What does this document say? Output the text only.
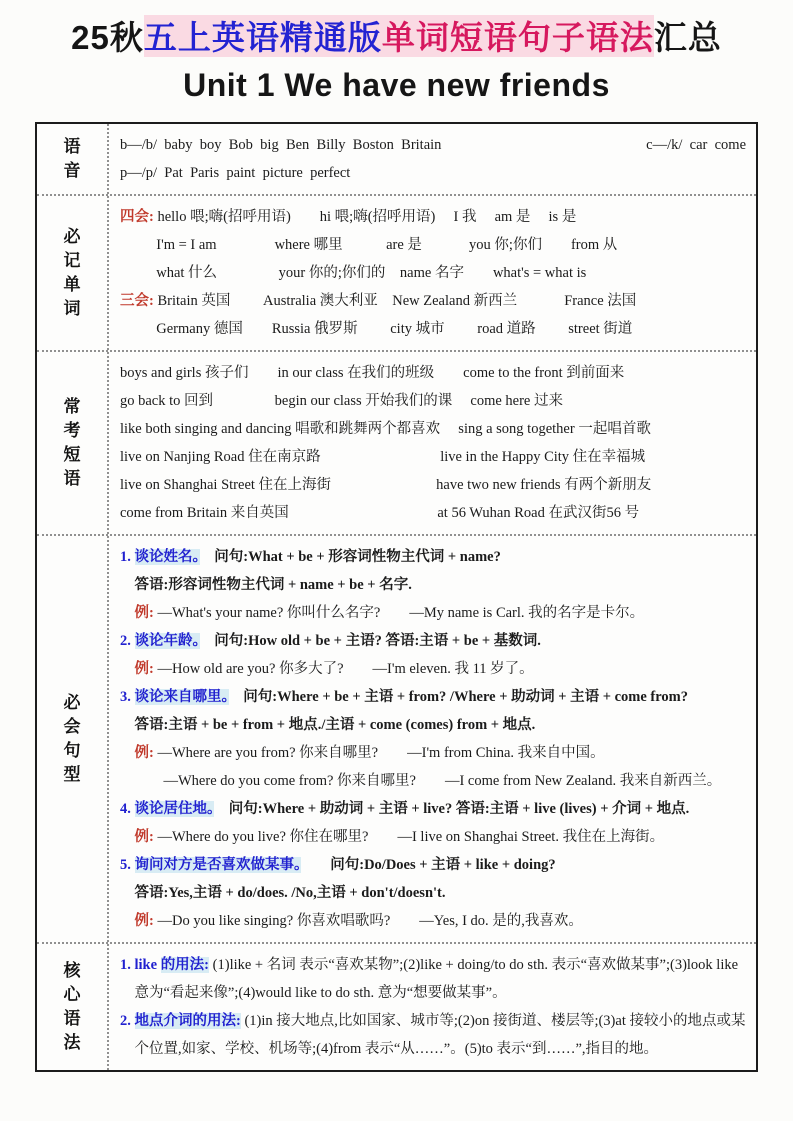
25秋五上英语精通版单词短语句子语法汇总
Unit 1 We have new friends
语
音
b—/b/  baby  boy  Bob  big  Ben  Billy  Boston  Britain	c—/k/  car  come
p—/p/  Pat  Paris  paint  picture  perfect
必
记
单
词
四会: hello 喂;嗨(招呼用语)　　hi 喂;嗨(招呼用语)　 I 我　 am 是　 is 是
　　  I'm = I am　　　　where 哪里　　　are 是　　　 you 你;你们　　from 从
　　  what 什么　　　　 your 你的;你们的　name 名字　　what's = what is
三会: Britain 英国　　 Australia 澳大利亚　New Zealand 新西兰　　　 France 法国
　　  Germany 德国　　Russia 俄罗斯　　 city 城市　　 road 道路　　 street 街道
常
考
短
语
boys and girls 孩子们　　in our class 在我们的班级　　come to the front 到前面来
go back to 回到　　　　 begin our class 开始我们的课　 come here 过来
like both singing and dancing 唱歌和跳舞两个都喜欢　 sing a song together 一起唱首歌
live on Nanjing Road 住在南京路　　　　　　　　 live in the Happy City 住在幸福城
live on Shanghai Street 住在上海街　　　　　　　 have two new friends 有两个新朋友
come from Britain 来自英国　　　　　　　　　　 at 56 Wuhan Road 在武汉街56 号
必
会
句
型
1. 谈论姓名。　问句:What + be + 形容词性物主代词 + name?
　答语:形容词性物主代词 + name + be + 名字.
　例: —What's your name? 你叫什么名字?　　—My name is Carl. 我的名字是卡尔。
2. 谈论年龄。　问句:How old + be + 主语? 答语:主语 + be + 基数词.
　例: —How old are you? 你多大了?　　—I'm eleven. 我 11 岁了。
3. 谈论来自哪里。　问句:Where + be + 主语 + from? /Where + 助动词 + 主语 + come from?
　答语:主语 + be + from + 地点./主语 + come (comes) from + 地点.
　例: —Where are you from? 你来自哪里?　　—I'm from China. 我来自中国。
　　　—Where do you come from? 你来自哪里?　　—I come from New Zealand. 我来自新西兰。
4. 谈论居住地。　问句:Where + 助动词 + 主语 + live? 答语:主语 + live (lives) + 介词 + 地点.
　例: —Where do you live? 你住在哪里?　　—I live on Shanghai Street. 我住在上海街。
5. 询问对方是否喜欢做某事。　　问句:Do/Does + 主语 + like + doing?
　答语:Yes,主语 + do/does. /No,主语 + don't/doesn't.
　例: —Do you like singing? 你喜欢唱歌吗?　　—Yes, I do. 是的,我喜欢。
核
心
语
法
1. like 的用法: (1)like + 名词 表示“喜欢某物”;(2)like + doing/to do sth. 表示“喜欢做某事”;(3)look like 意为“看起来像”;(4)would like to do sth. 意为“想要做某事”。
2. 地点介词的用法: (1)in 接大地点,比如国家、城市等;(2)on 接街道、楼层等;(3)at 接较小的地点或某个位置,如家、学校、机场等;(4)from 表示“从……”。(5)to 表示“到……”,指目的地。
